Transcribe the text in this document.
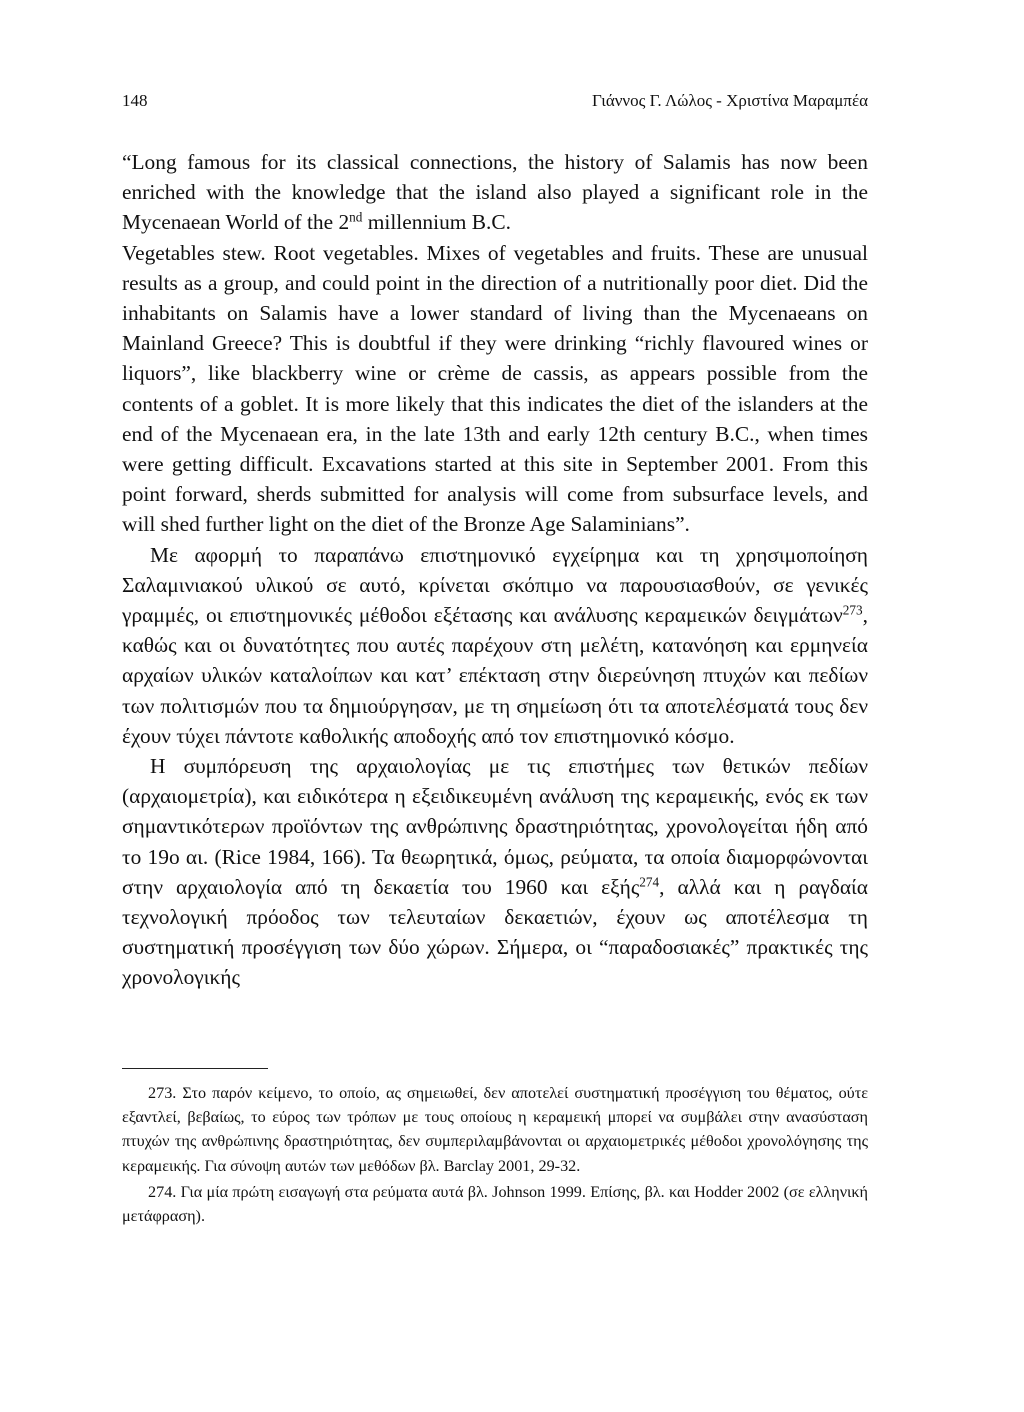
148	Γιάννος Γ. Λώλος - Χριστίνα Μαραμπέα

“Long famous for its classical connections, the history of Salamis has now been enriched with the knowledge that the island also played a significant role in the Mycenaean World of the 2nd millennium B.C.

Vegetables stew. Root vegetables. Mixes of vegetables and fruits. These are unusual results as a group, and could point in the direction of a nutritionally poor diet. Did the inhabitants on Salamis have a lower standard of living than the Mycenaeans on Mainland Greece? This is doubtful if they were drinking “richly flavoured wines or liquors”, like blackberry wine or crème de cassis, as appears possible from the contents of a goblet. It is more likely that this indicates the diet of the islanders at the end of the Mycenaean era, in the late 13th and early 12th century B.C., when times were getting difficult. Excavations started at this site in September 2001. From this point forward, sherds submitted for analysis will come from subsurface levels, and will shed further light on the diet of the Bronze Age Salaminians”.

Με αφορμή το παραπάνω επιστημονικό εγχείρημα και τη χρησιμοποίηση Σαλαμινιακού υλικού σε αυτό, κρίνεται σκόπιμο να παρουσιασθούν, σε γενικές γραμμές, οι επιστημονικές μέθοδοι εξέτασης και ανάλυσης κεραμεικών δειγμάτων$^{273}$, καθώς και οι δυνατότητες που αυτές παρέχουν στη μελέτη, κατανόηση και ερμηνεία αρχαίων υλικών καταλοίπων και κατ’ επέκταση στην διερεύνηση πτυχών και πεδίων των πολιτισμών που τα δημιούργησαν, με τη σημείωση ότι τα αποτελέσματά τους δεν έχουν τύχει πάντοτε καθολικής αποδοχής από τον επιστημονικό κόσμο.

Η συμπόρευση της αρχαιολογίας με τις επιστήμες των θετικών πεδίων (αρχαιομετρία), και ειδικότερα η εξειδικευμένη ανάλυση της κεραμεικής, ενός εκ των σημαντικότερων προϊόντων της ανθρώπινης δραστηριότητας, χρονολογείται ήδη από το 19ο αι. (Rice 1984, 166). Τα θεωρητικά, όμως, ρεύματα, τα οποία διαμορφώνονται στην αρχαιολογία από τη δεκαετία του 1960 και εξής$^{274}$, αλλά και η ραγδαία τεχνολογική πρόοδος των τελευταίων δεκαετιών, έχουν ως αποτέλεσμα τη συστηματική προσέγγιση των δύο χώρων. Σήμερα, οι “παραδοσιακές” πρακτικές της χρονολογικής

273. Στο παρόν κείμενο, το οποίο, ας σημειωθεί, δεν αποτελεί συστηματική προσέγγιση του θέματος, ούτε εξαντλεί, βεβαίως, το εύρος των τρόπων με τους οποίους η κεραμεική μπορεί να συμβάλει στην ανασύσταση πτυχών της ανθρώπινης δραστηριότητας, δεν συμπεριλαμβάνονται οι αρχαιομετρικές μέθοδοι χρονολόγησης της κεραμεικής. Για σύνοψη αυτών των μεθόδων βλ. Barclay 2001, 29-32.

274. Για μία πρώτη εισαγωγή στα ρεύματα αυτά βλ. Johnson 1999. Επίσης, βλ. και Hodder 2002 (σε ελληνική μετάφραση).
